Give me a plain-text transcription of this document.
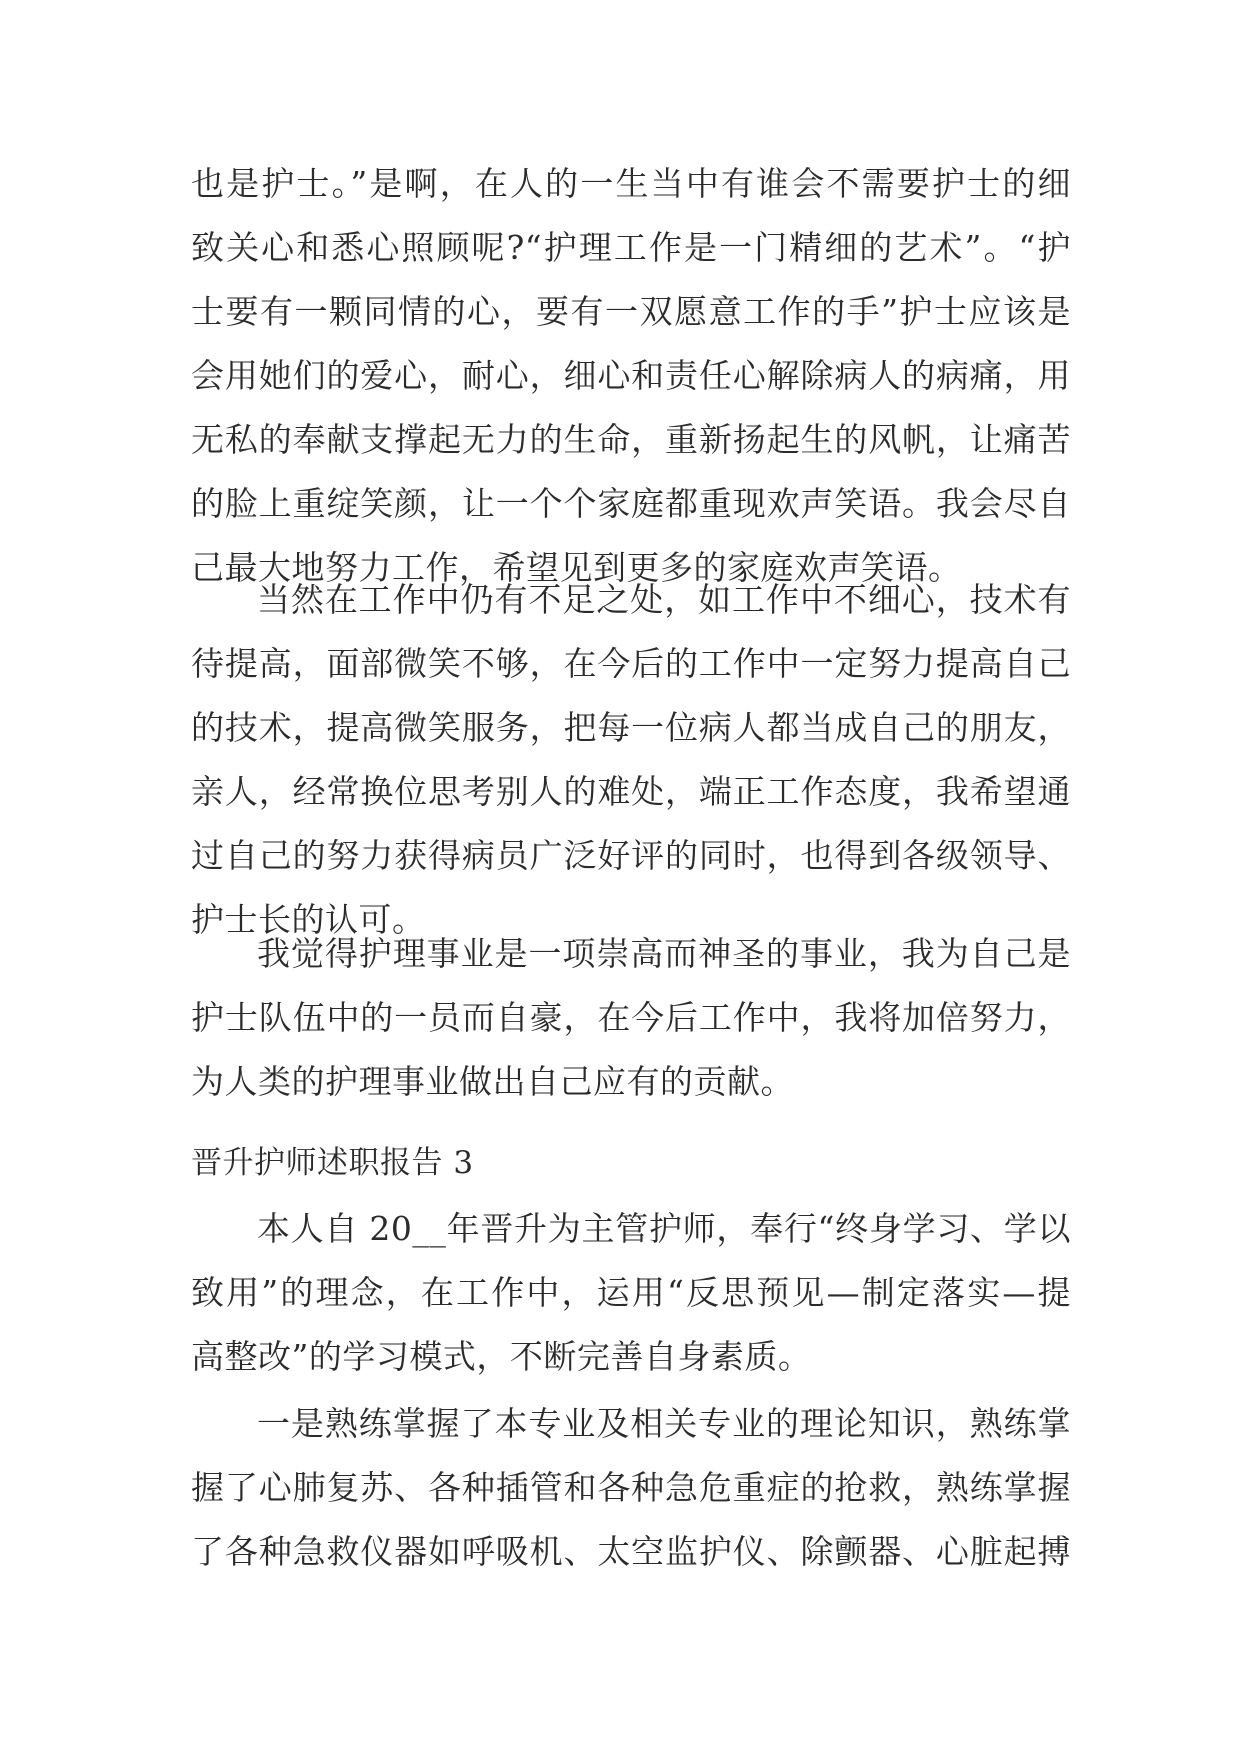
也是护士。”是啊，在人的一生当中有谁会不需要护士的细
致关心和悉心照顾呢?“护理工作是一门精细的艺术”。“护
士要有一颗同情的心，要有一双愿意工作的手”护士应该是
会用她们的爱心，耐心，细心和责任心解除病人的病痛，用
无私的奉献支撑起无力的生命，重新扬起生的风帆，让痛苦
的脸上重绽笑颜，让一个个家庭都重现欢声笑语。我会尽自
己最大地努力工作，希望见到更多的家庭欢声笑语。
当然在工作中仍有不足之处，如工作中不细心，技术有
待提高，面部微笑不够，在今后的工作中一定努力提高自己
的技术，提高微笑服务，把每一位病人都当成自己的朋友，
亲人，经常换位思考别人的难处，端正工作态度，我希望通
过自己的努力获得病员广泛好评的同时，也得到各级领导、
护士长的认可。
我觉得护理事业是一项崇高而神圣的事业，我为自己是
护士队伍中的一员而自豪，在今后工作中，我将加倍努力，
为人类的护理事业做出自己应有的贡献。
晋升护师述职报告 3
本人自 20__年晋升为主管护师，奉行“终身学习、学以
致用”的理念，在工作中，运用“反思预见—制定落实—提
高整改”的学习模式，不断完善自身素质。
一是熟练掌握了本专业及相关专业的理论知识，熟练掌
握了心肺复苏、各种插管和各种急危重症的抢救，熟练掌握
了各种急救仪器如呼吸机、太空监护仪、除颤器、心脏起搏
